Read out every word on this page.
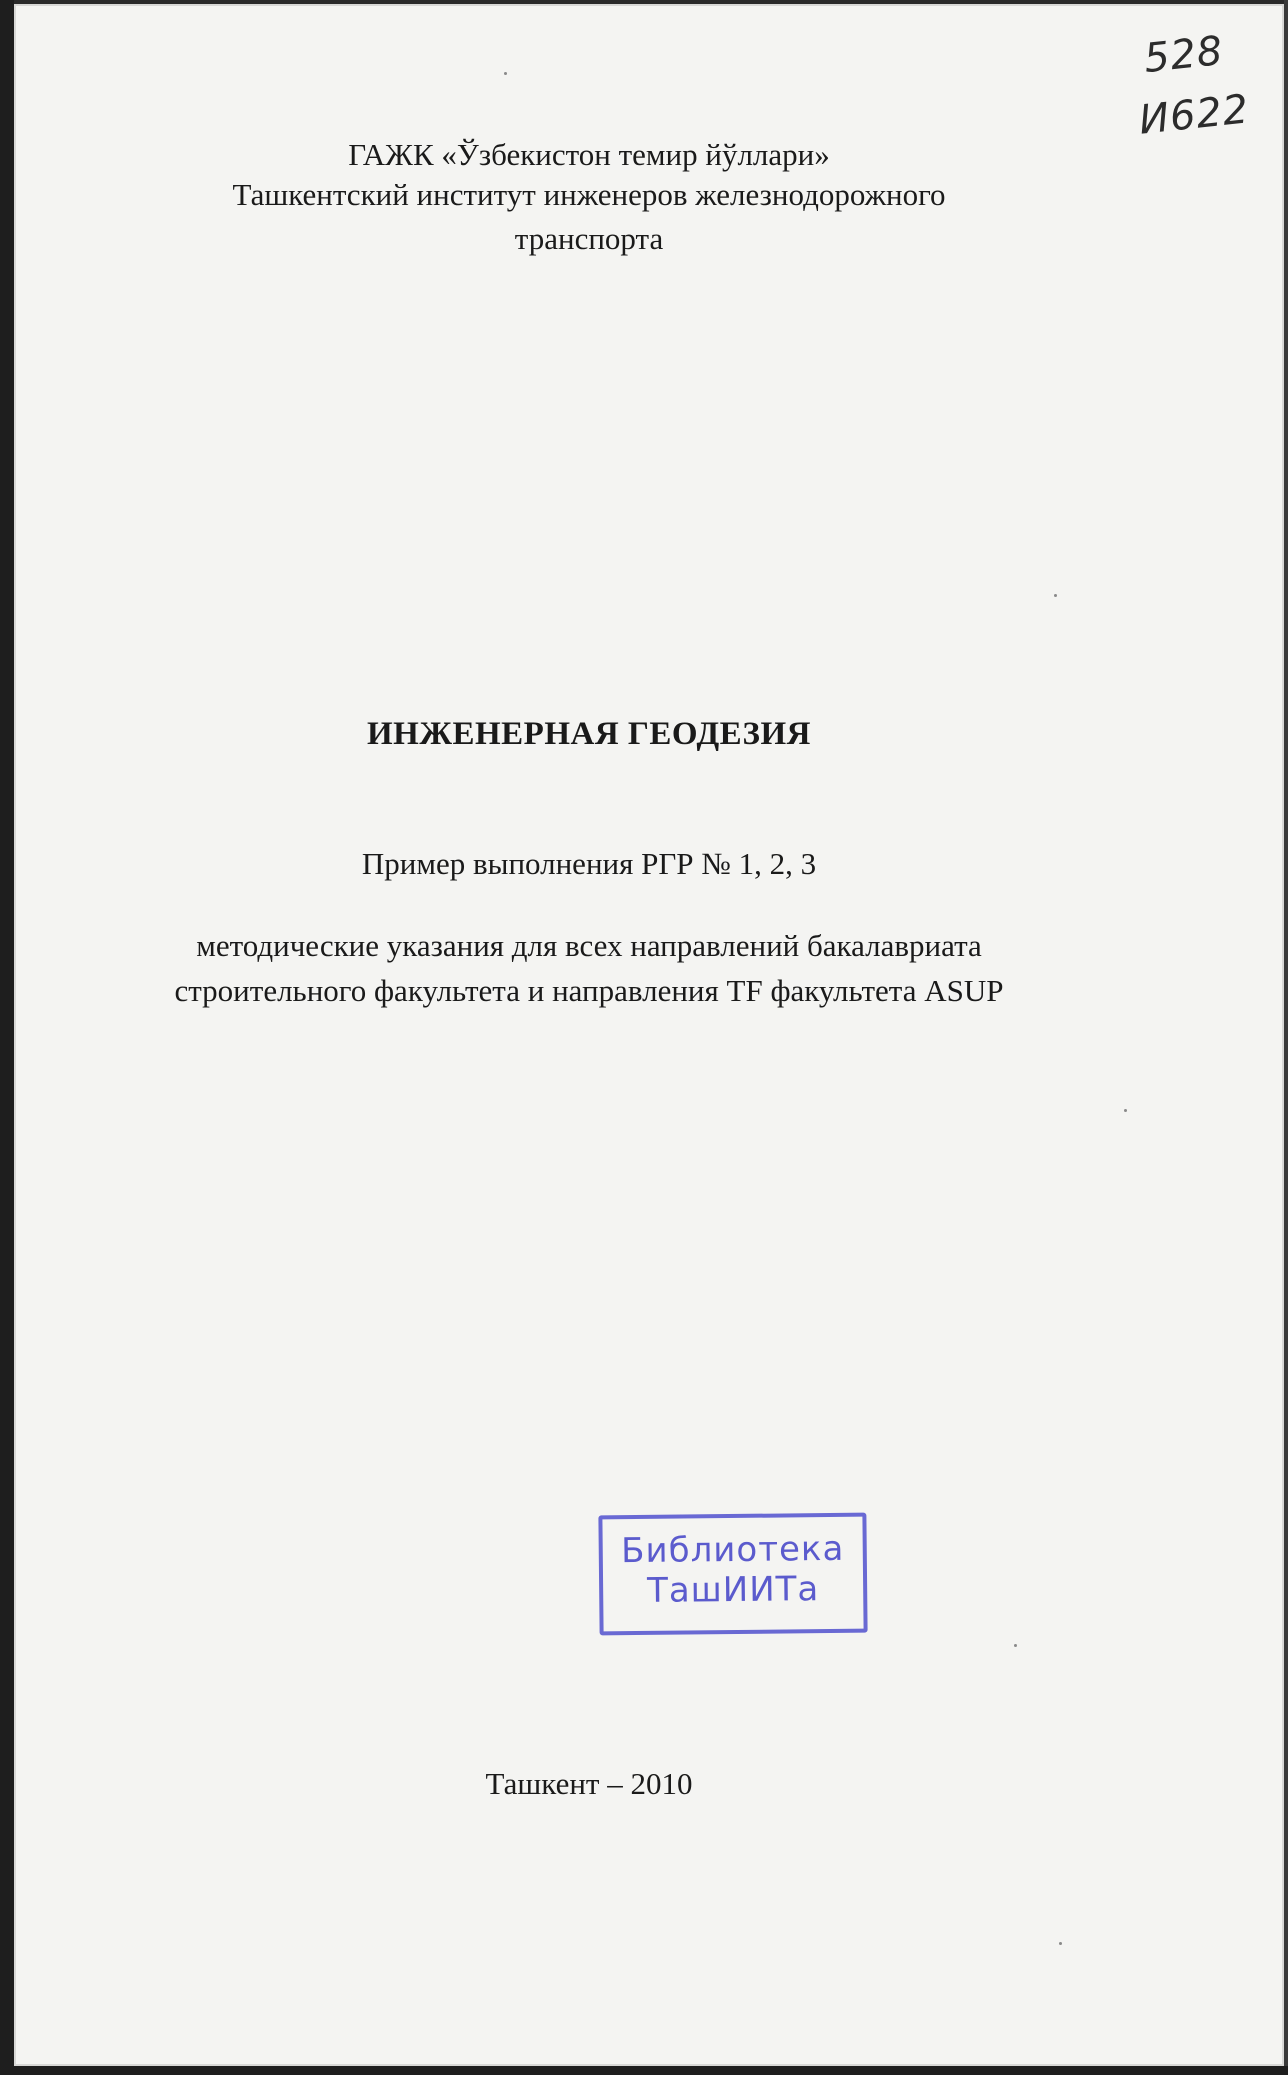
528
И622
ГАЖК «Ўзбекистон темир йўллари»
Ташкентский институт инженеров железнодорожного
транспорта
ИНЖЕНЕРНАЯ ГЕОДЕЗИЯ
Пример выполнения РГР № 1, 2, 3
методические указания для всех направлений бакалавриата
строительного факультета и направления TF факультета ASUP
Библиотека
ТашИИТа
Ташкент – 2010
